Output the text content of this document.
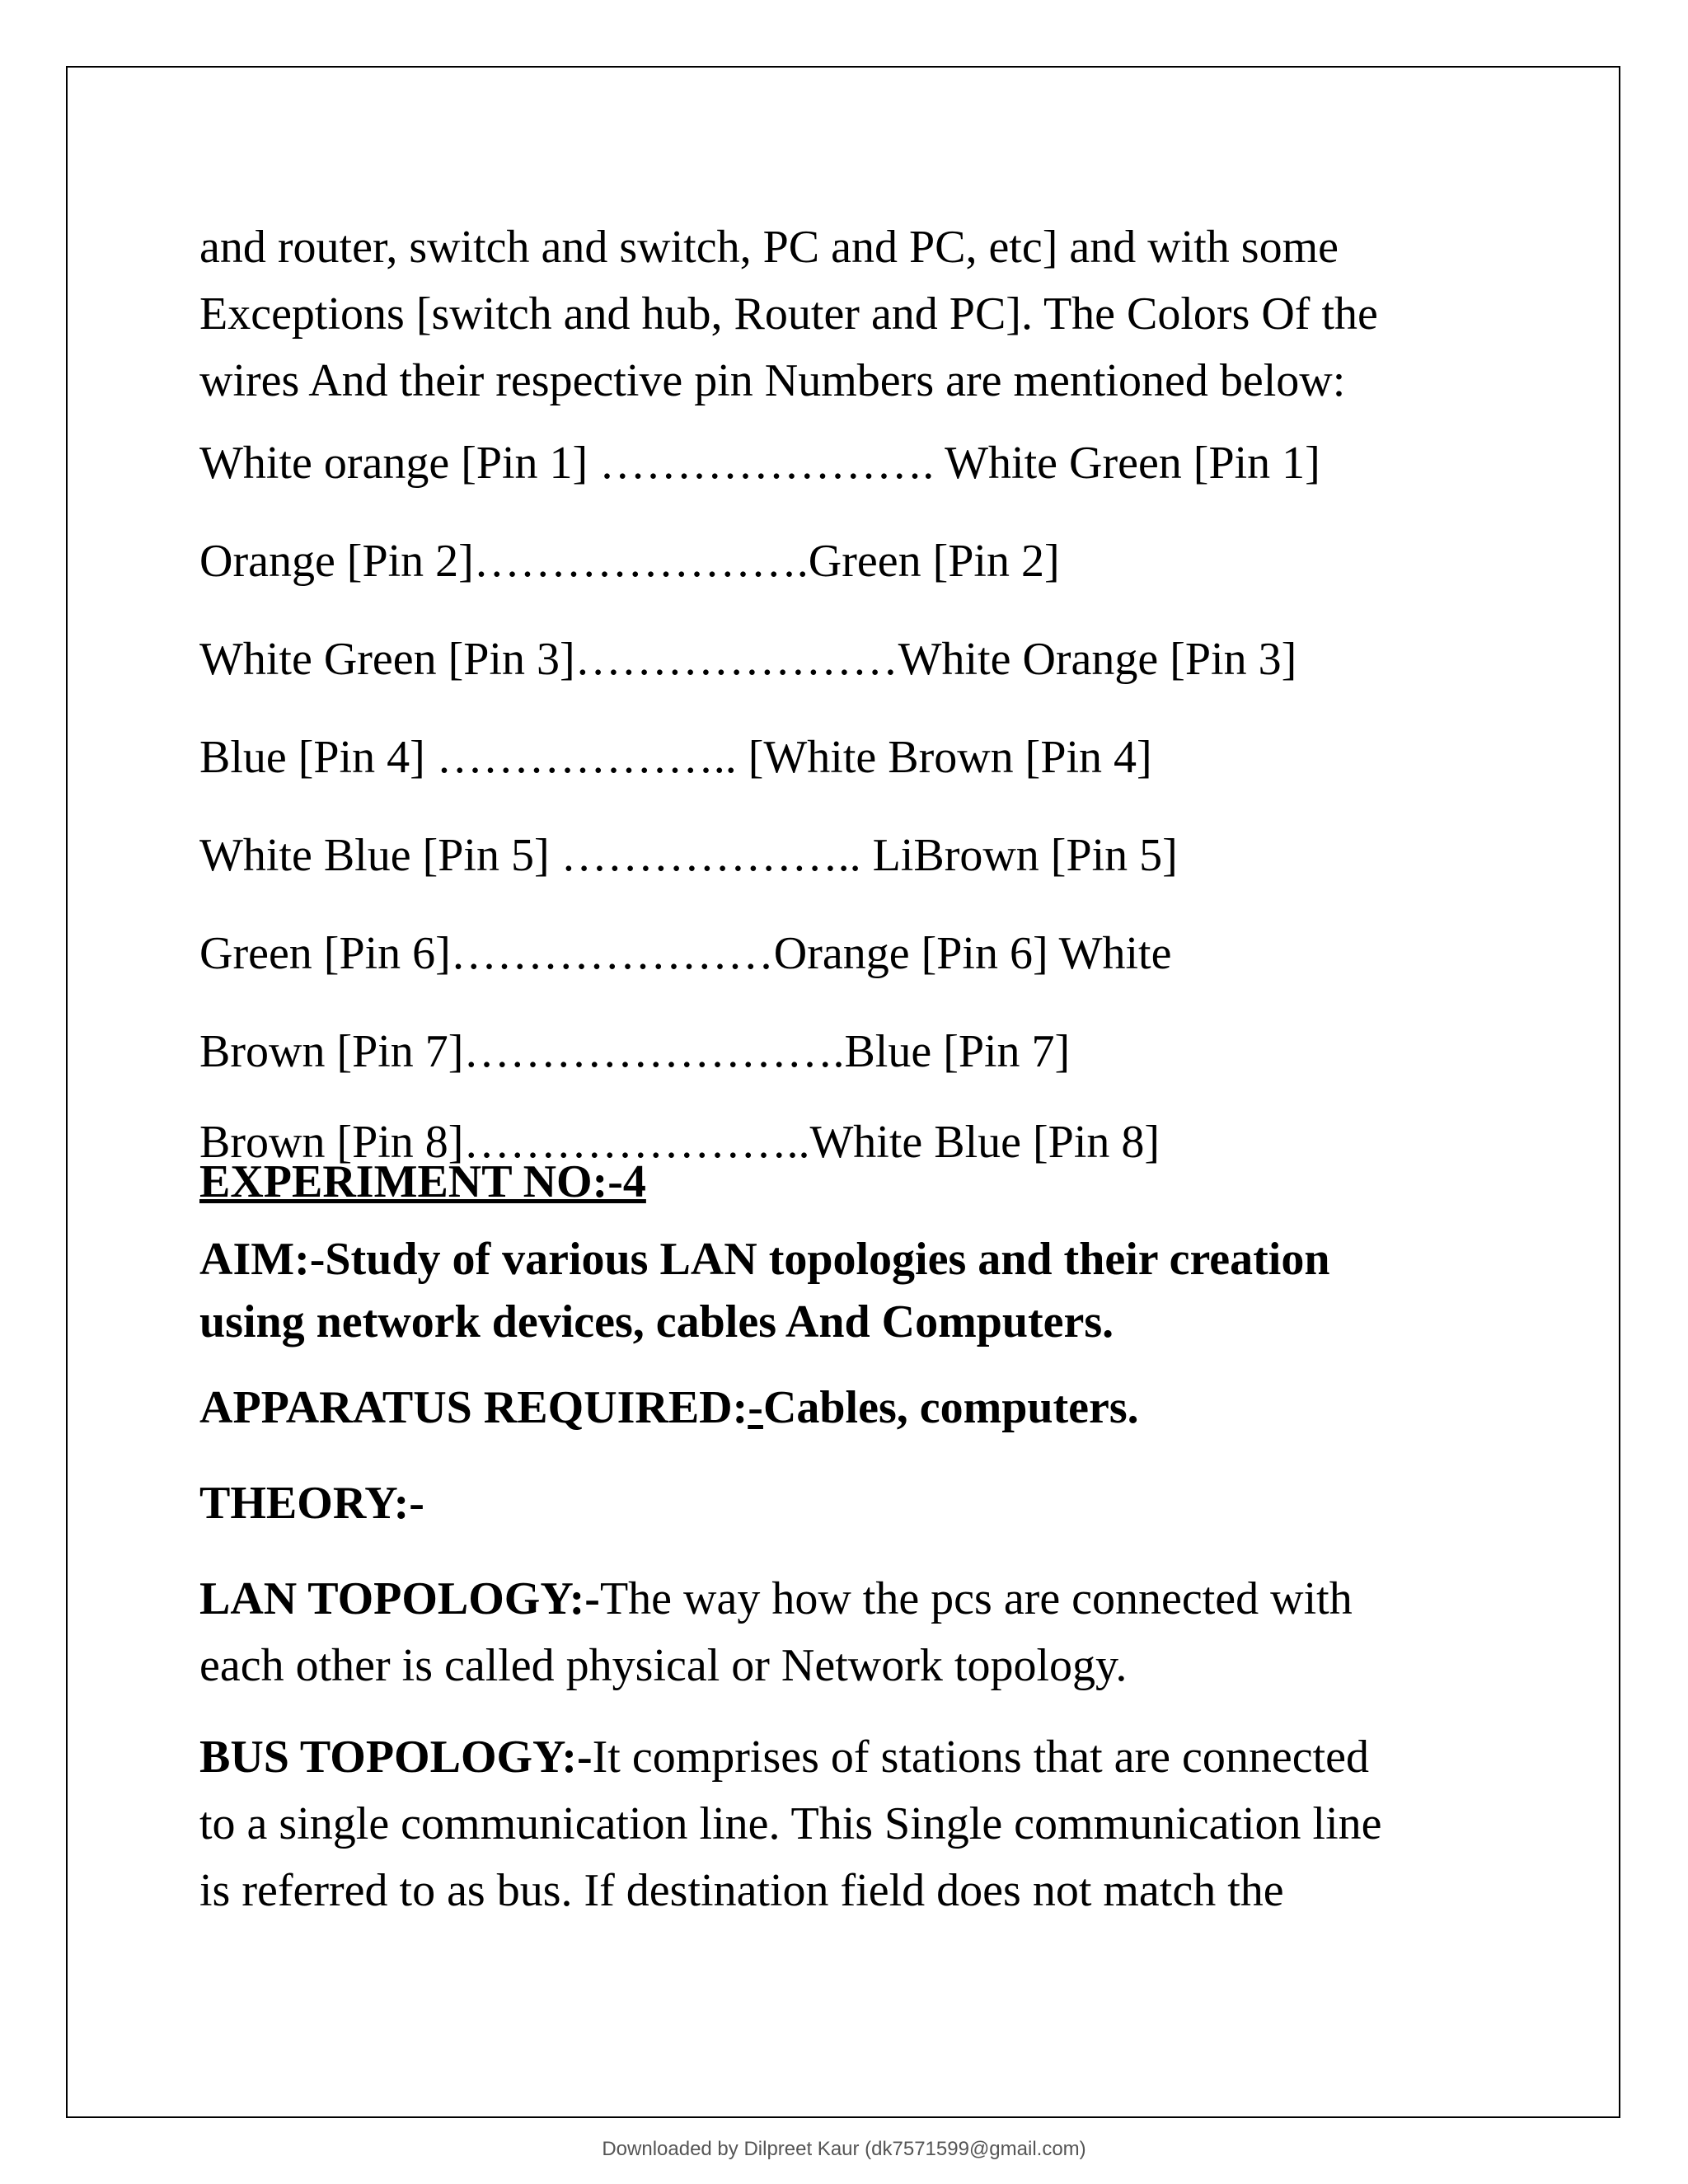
and router, switch and switch, PC and PC, etc] and with some
Exceptions [switch and hub, Router and PC]. The Colors Of the
wires And their respective pin Numbers are mentioned below:

White orange [Pin 1] …………………. White Green [Pin 1]

Orange [Pin 2]………………….Green [Pin 2]

White Green [Pin 3]…………………White Orange [Pin 3]

Blue [Pin 4] ……………….. [White Brown [Pin 4]

White Blue [Pin 5] ……………….. LiBrown [Pin 5]

Green [Pin 6]…………………Orange [Pin 6] White

Brown [Pin 7]…………………….Blue [Pin 7]

Brown [Pin 8]…………………..White Blue [Pin 8]

EXPERIMENT NO:-4

AIM:-Study of various LAN topologies and their creation
using network devices, cables And Computers.

APPARATUS REQUIRED:-Cables, computers.

THEORY:-

LAN TOPOLOGY:-The way how the pcs are connected with
each other is called physical or Network topology.

BUS TOPOLOGY:-It comprises of stations that are connected
to a single communication line. This Single communication line
is referred to as bus. If destination field does not match the

Downloaded by Dilpreet Kaur (dk7571599@gmail.com)
